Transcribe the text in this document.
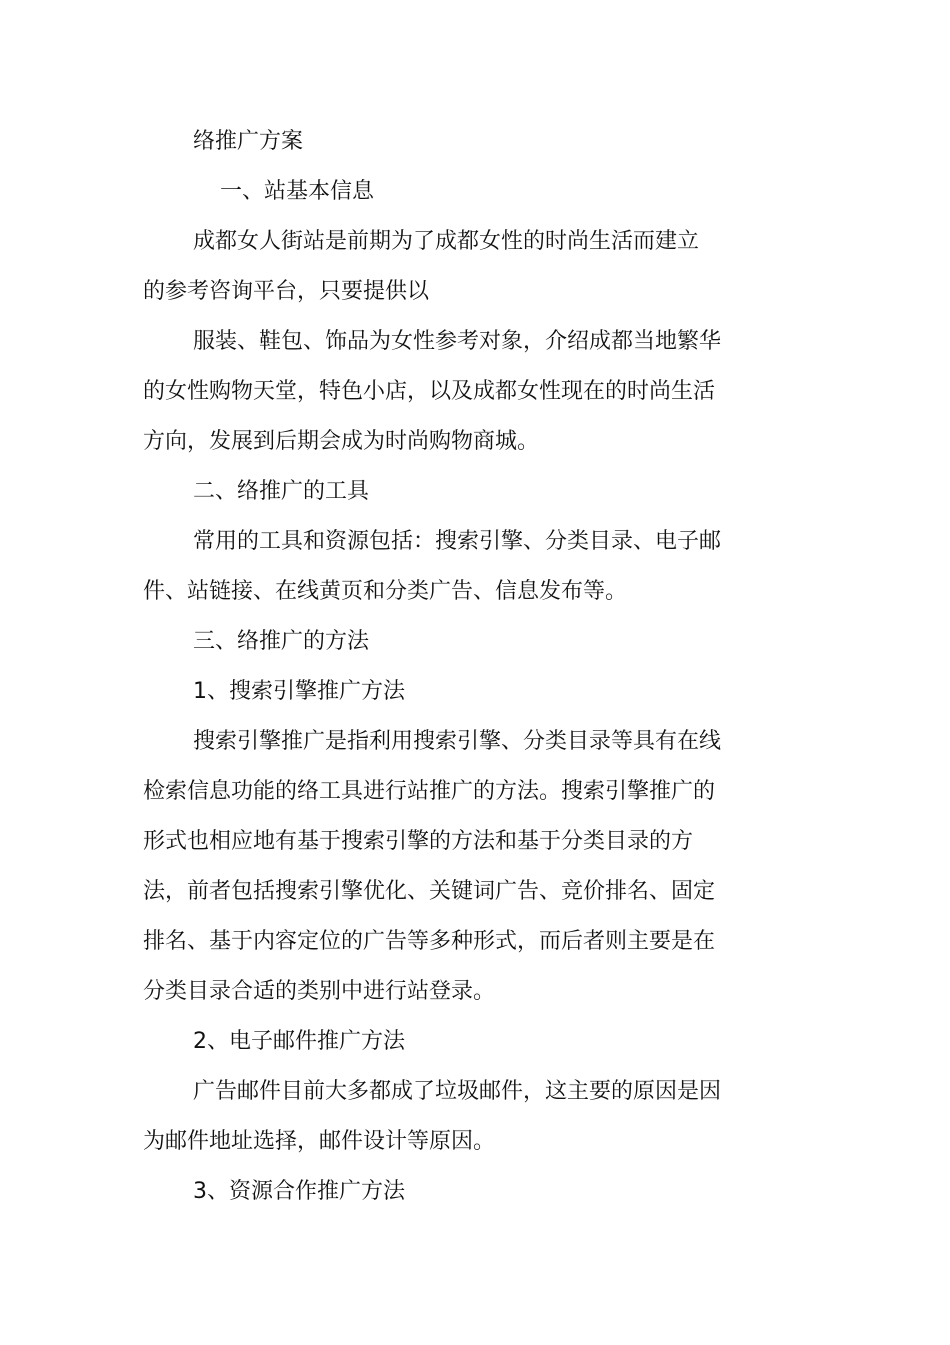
络推广方案
一、站基本信息
成都女人街站是前期为了成都女性的时尚生活而建立
的参考咨询平台，只要提供以
服装、鞋包、饰品为女性参考对象，介绍成都当地繁华
的女性购物天堂，特色小店，以及成都女性现在的时尚生活
方向，发展到后期会成为时尚购物商城。
二、络推广的工具
常用的工具和资源包括：搜索引擎、分类目录、电子邮
件、站链接、在线黄页和分类广告、信息发布等。
三、络推广的方法
1、搜索引擎推广方法
搜索引擎推广是指利用搜索引擎、分类目录等具有在线
检索信息功能的络工具进行站推广的方法。搜索引擎推广的
形式也相应地有基于搜索引擎的方法和基于分类目录的方
法，前者包括搜索引擎优化、关键词广告、竞价排名、固定
排名、基于内容定位的广告等多种形式，而后者则主要是在
分类目录合适的类别中进行站登录。
2、电子邮件推广方法
广告邮件目前大多都成了垃圾邮件，这主要的原因是因
为邮件地址选择，邮件设计等原因。
3、资源合作推广方法
